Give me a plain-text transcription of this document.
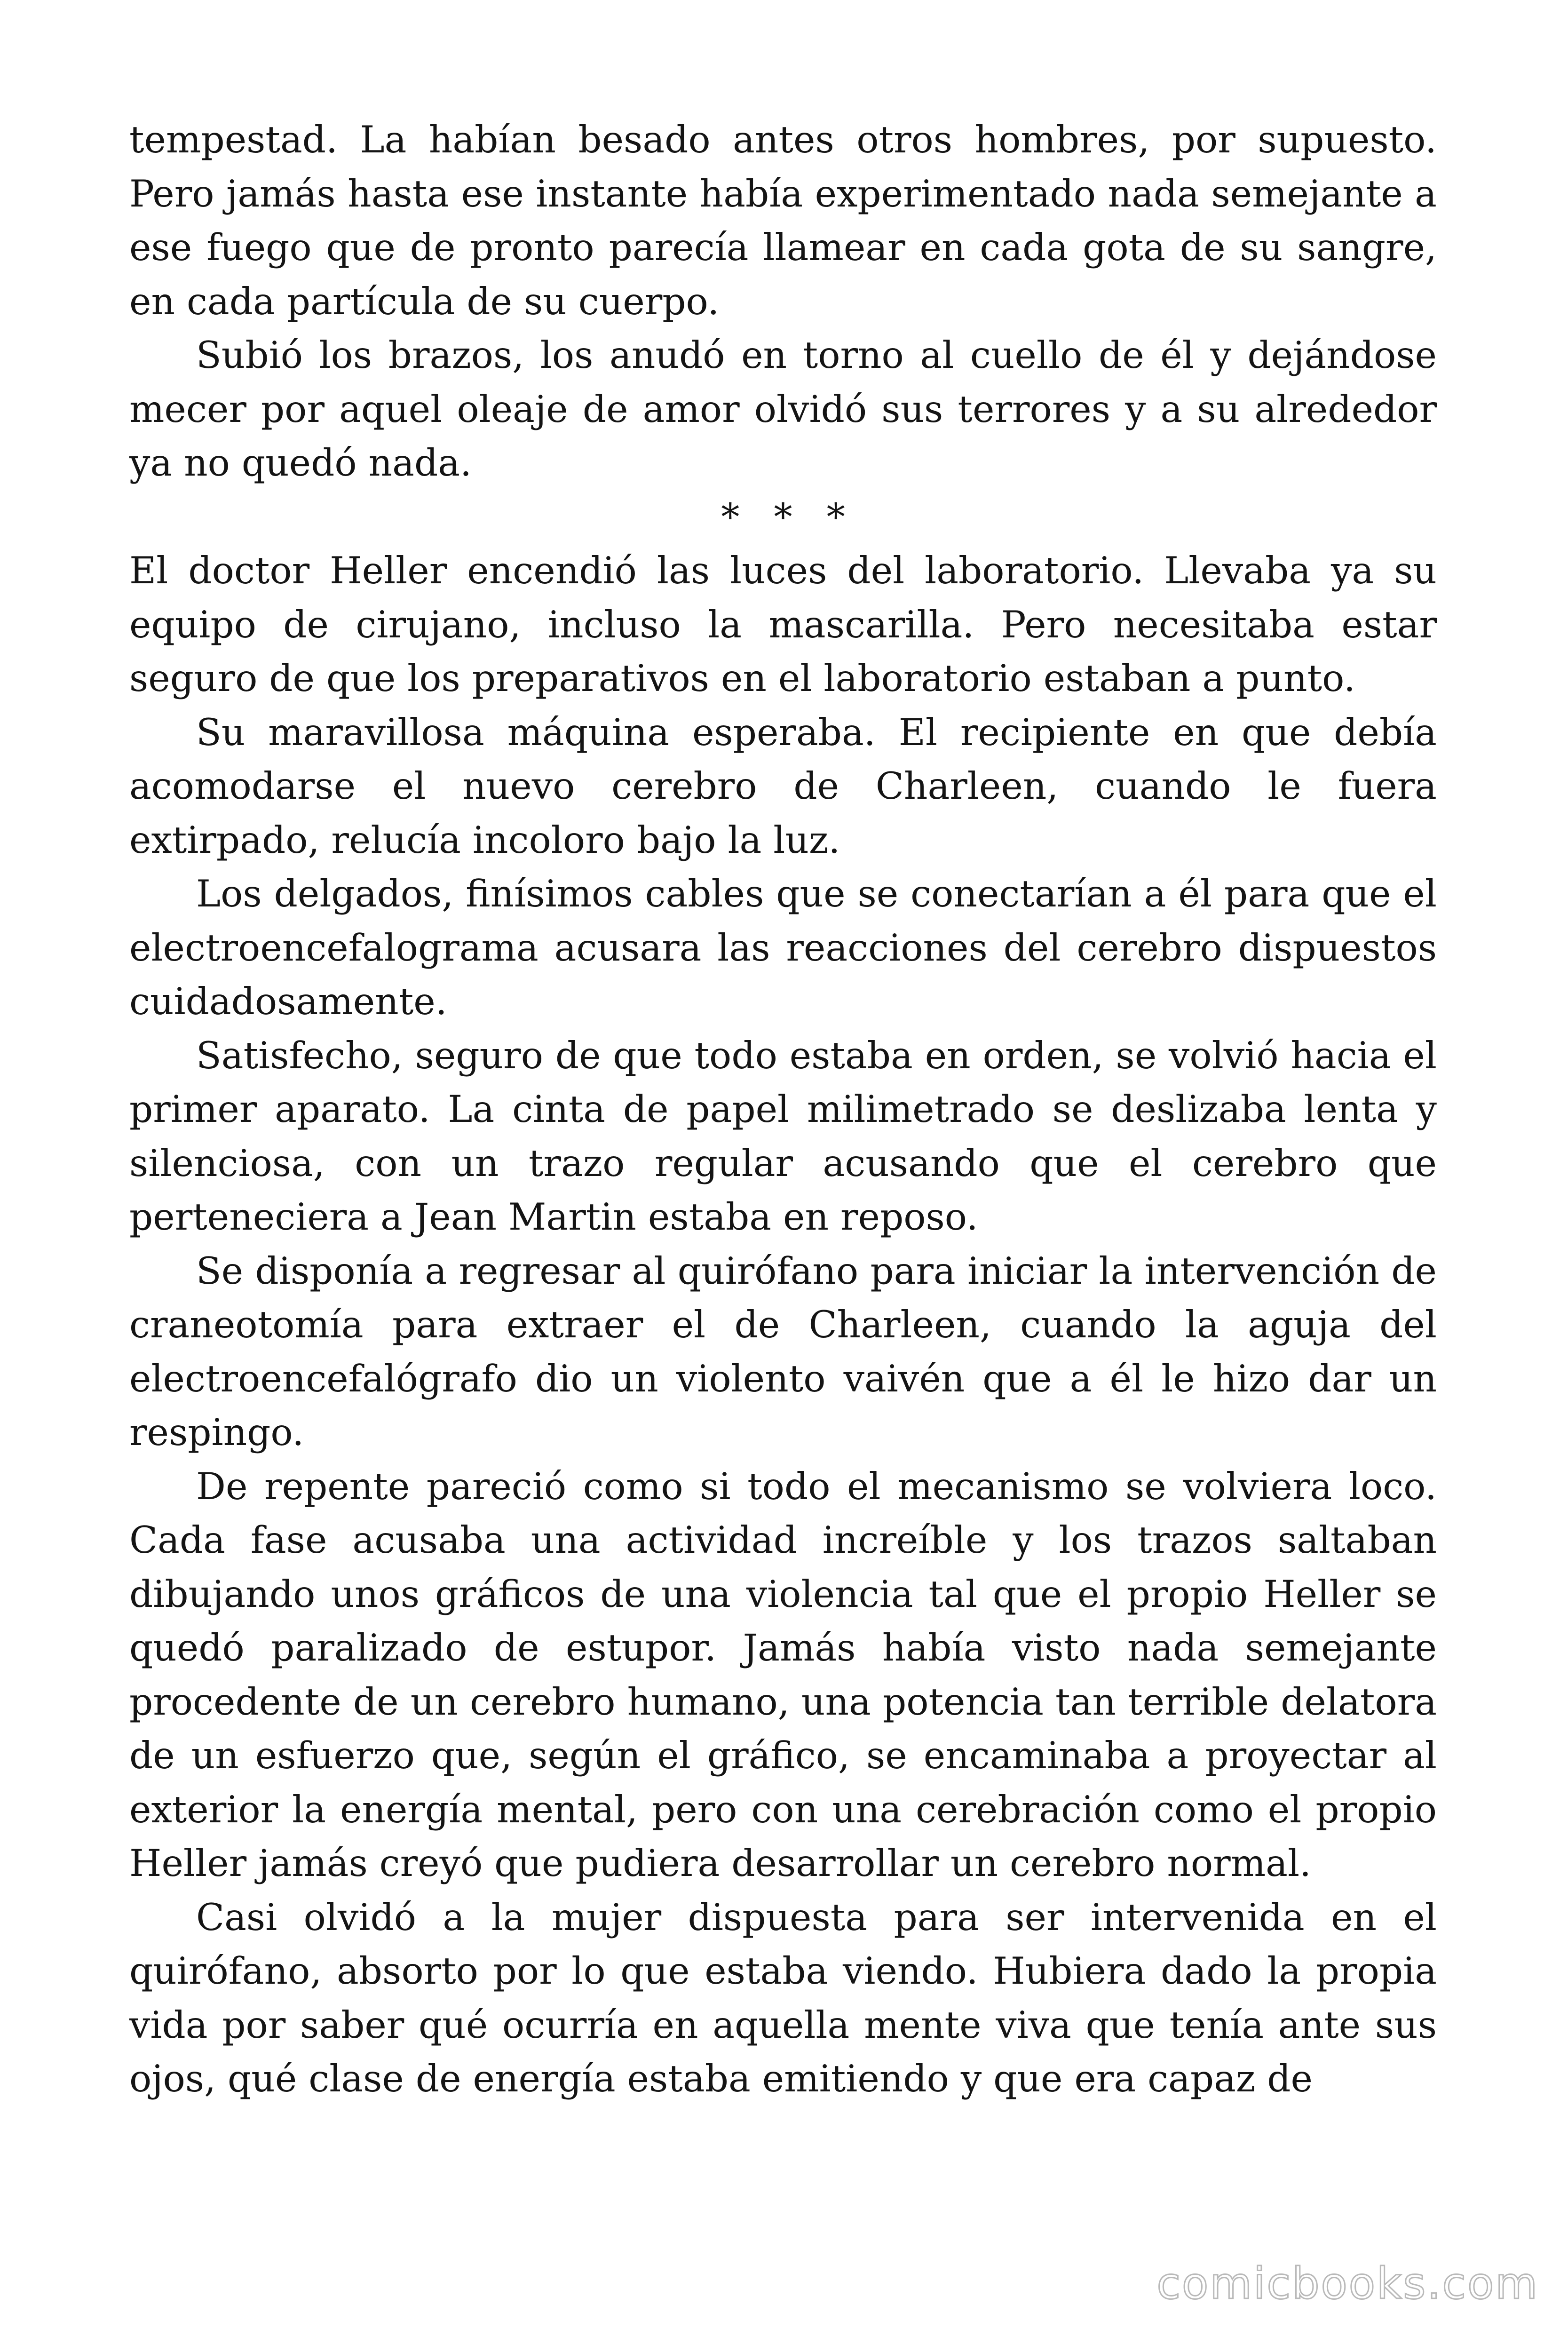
tempestad. La habían besado antes otros hombres, por supuesto. Pero jamás hasta ese instante había experimentado nada semejante a ese fuego que de pronto parecía llamear en cada gota de su sangre, en cada partícula de su cuerpo.

Subió los brazos, los anudó en torno al cuello de él y dejándose mecer por aquel oleaje de amor olvidó sus terrores y a su alrededor ya no quedó nada.

* * *

El doctor Heller encendió las luces del laboratorio. Llevaba ya su equipo de cirujano, incluso la mascarilla. Pero necesitaba estar seguro de que los preparativos en el laboratorio estaban a punto.

Su maravillosa máquina esperaba. El recipiente en que debía acomodarse el nuevo cerebro de Charleen, cuando le fuera extirpado, relucía incoloro bajo la luz.

Los delgados, finísimos cables que se conectarían a él para que el electroencefalograma acusara las reacciones del cerebro dispuestos cuidadosamente.

Satisfecho, seguro de que todo estaba en orden, se volvió hacia el primer aparato. La cinta de papel milimetrado se deslizaba lenta y silenciosa, con un trazo regular acusando que el cerebro que perteneciera a Jean Martin estaba en reposo.

Se disponía a regresar al quirófano para iniciar la intervención de craneotomía para extraer el de Charleen, cuando la aguja del electroencefalógrafo dio un violento vaivén que a él le hizo dar un respingo.

De repente pareció como si todo el mecanismo se volviera loco. Cada fase acusaba una actividad increíble y los trazos saltaban dibujando unos gráficos de una violencia tal que el propio Heller se quedó paralizado de estupor. Jamás había visto nada semejante procedente de un cerebro humano, una potencia tan terrible delatora de un esfuerzo que, según el gráfico, se encaminaba a proyectar al exterior la energía mental, pero con una cerebración como el propio Heller jamás creyó que pudiera desarrollar un cerebro normal.

Casi olvidó a la mujer dispuesta para ser intervenida en el quirófano, absorto por lo que estaba viendo. Hubiera dado la propia vida por saber qué ocurría en aquella mente viva que tenía ante sus ojos, qué clase de energía estaba emitiendo y que era capaz de

comicbooks.com
